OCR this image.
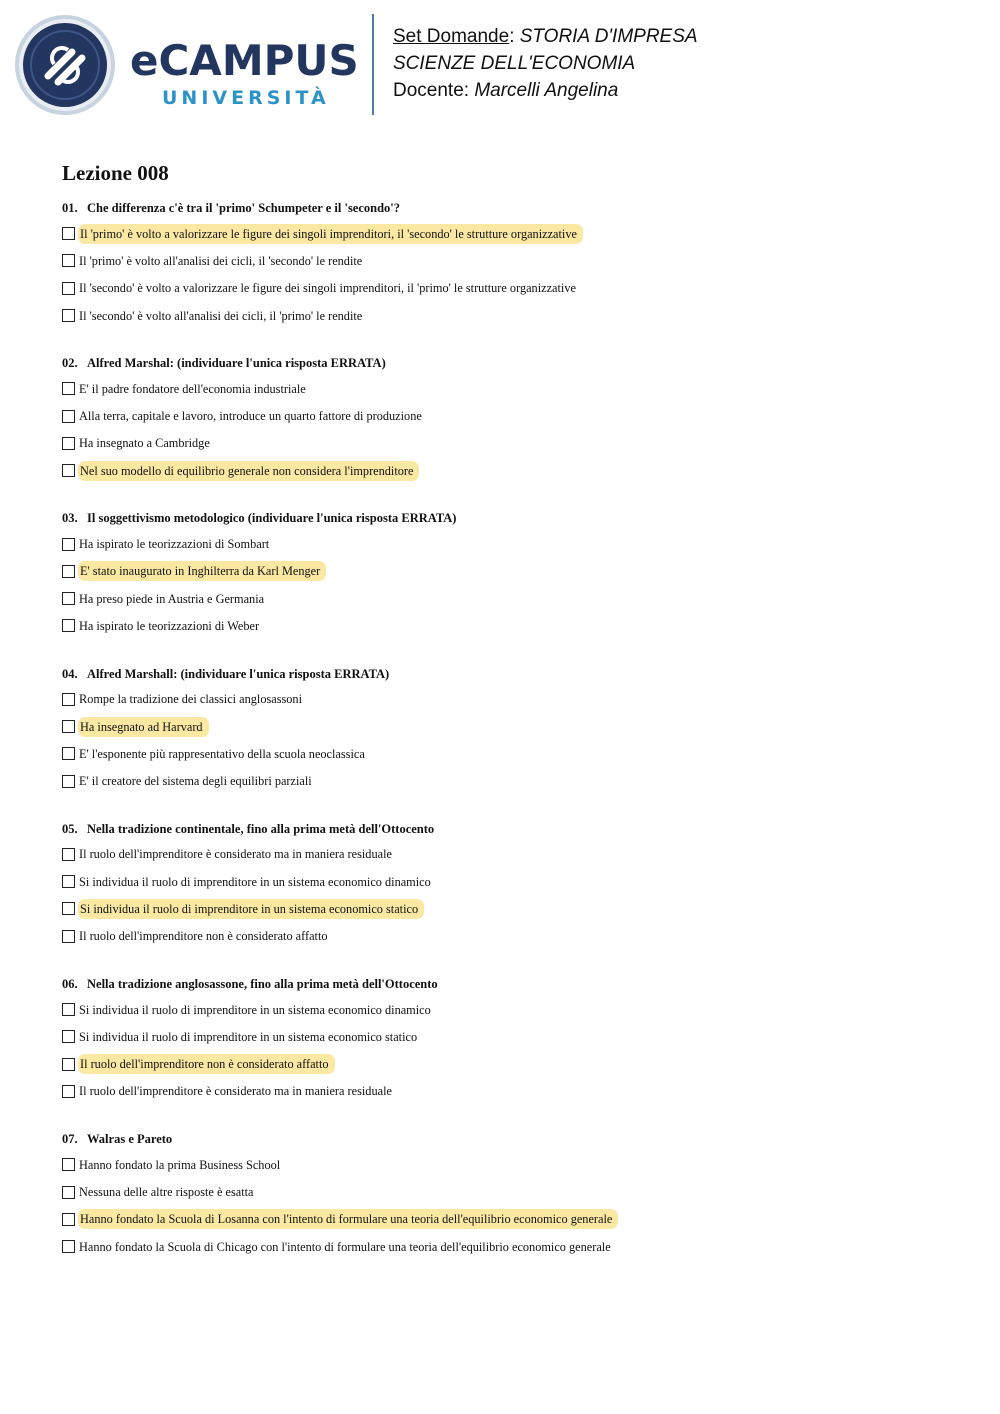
eCAMPUS
UNIVERSITÀ
Set Domande: STORIA D'IMPRESA
SCIENZE DELL'ECONOMIA
Docente: Marcelli Angelina
Lezione 008
01. Che differenza c'è tra il 'primo' Schumpeter e il 'secondo'?
Il 'primo' è volto a valorizzare le figure dei singoli imprenditori, il 'secondo' le strutture organizzative
Il 'primo' è volto all'analisi dei cicli, il 'secondo' le rendite
Il 'secondo' è volto a valorizzare le figure dei singoli imprenditori, il 'primo' le strutture organizzative
Il 'secondo' è volto all'analisi dei cicli, il 'primo' le rendite
02. Alfred Marshal: (individuare l'unica risposta ERRATA)
E' il padre fondatore dell'economia industriale
Alla terra, capitale e lavoro, introduce un quarto fattore di produzione
Ha insegnato a Cambridge
Nel suo modello di equilibrio generale non considera l'imprenditore
03. Il soggettivismo metodologico (individuare l'unica risposta ERRATA)
Ha ispirato le teorizzazioni di Sombart
E' stato inaugurato in Inghilterra da Karl Menger
Ha preso piede in Austria e Germania
Ha ispirato le teorizzazioni di Weber
04. Alfred Marshall: (individuare l'unica risposta ERRATA)
Rompe la tradizione dei classici anglosassoni
Ha insegnato ad Harvard
E' l'esponente più rappresentativo della scuola neoclassica
E' il creatore del sistema degli equilibri parziali
05. Nella tradizione continentale, fino alla prima metà dell'Ottocento
Il ruolo dell'imprenditore è considerato ma in maniera residuale
Si individua il ruolo di imprenditore in un sistema economico dinamico
Si individua il ruolo di imprenditore in un sistema economico statico
Il ruolo dell'imprenditore non è considerato affatto
06. Nella tradizione anglosassone, fino alla prima metà dell'Ottocento
Si individua il ruolo di imprenditore in un sistema economico dinamico
Si individua il ruolo di imprenditore in un sistema economico statico
Il ruolo dell'imprenditore non è considerato affatto
Il ruolo dell'imprenditore è considerato ma in maniera residuale
07. Walras e Pareto
Hanno fondato la prima Business School
Nessuna delle altre risposte è esatta
Hanno fondato la Scuola di Losanna con l'intento di formulare una teoria dell'equilibrio economico generale
Hanno fondato la Scuola di Chicago con l'intento di formulare una teoria dell'equilibrio economico generale
